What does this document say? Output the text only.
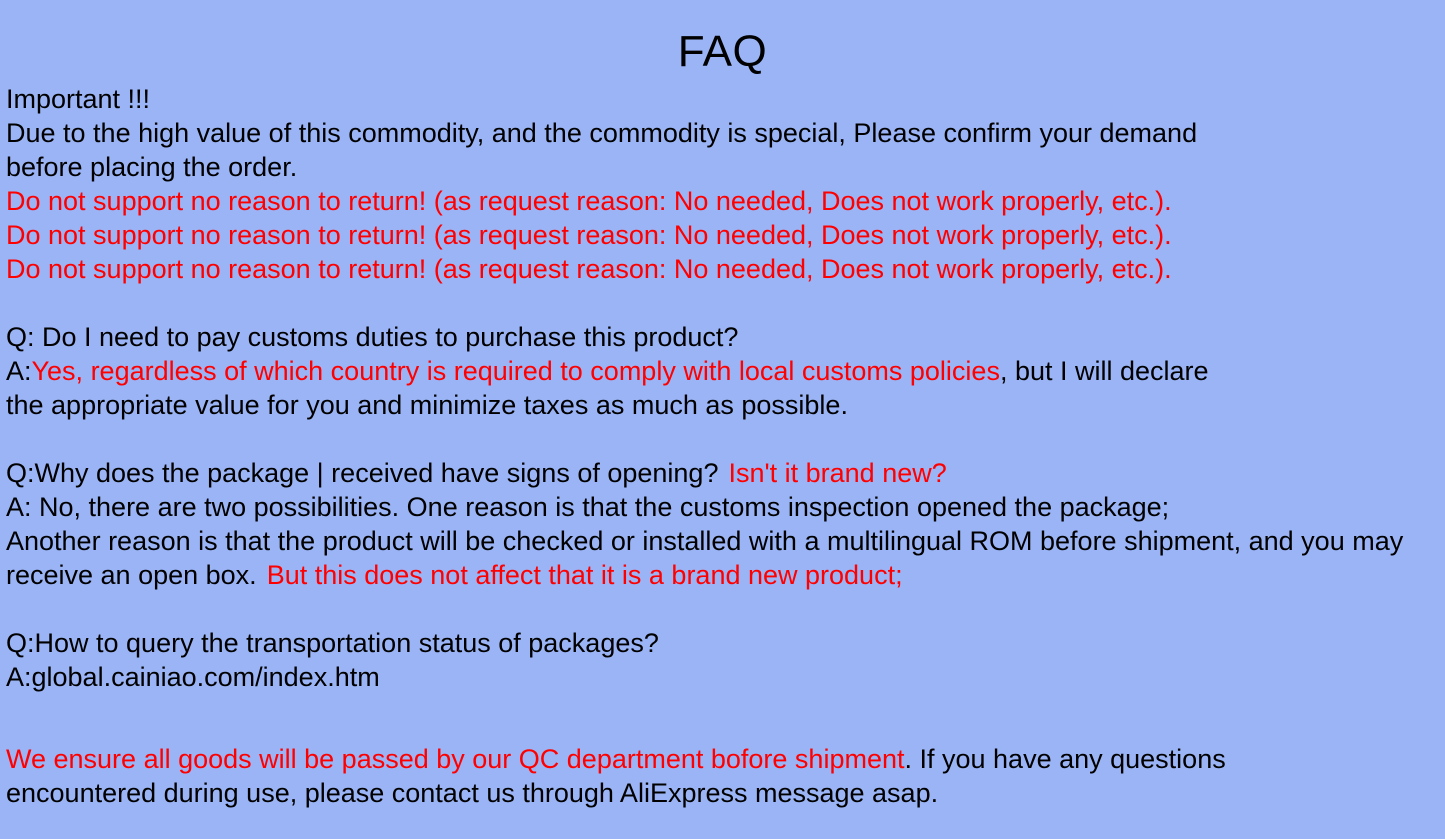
FAQ
Important !!!
Due to the high value of this commodity, and the commodity is special, Please confirm your demand
before placing the order.
Do not support no reason to return! (as request reason: No needed, Does not work properly, etc.).
Do not support no reason to return! (as request reason: No needed, Does not work properly, etc.).
Do not support no reason to return! (as request reason: No needed, Does not work properly, etc.).
Q: Do I need to pay customs duties to purchase this product?
A:Yes, regardless of which country is required to comply with local customs policies, but I will declare
the appropriate value for you and minimize taxes as much as possible.
Q:Why does the package | received have signs of opening? Isn't it brand new?
A: No, there are two possibilities. One reason is that the customs inspection opened the package;
Another reason is that the product will be checked or installed with a multilingual ROM before shipment, and you may
receive an open box. But this does not affect that it is a brand new product;
Q:How to query the transportation status of packages?
A:global.cainiao.com/index.htm
We ensure all goods will be passed by our QC department bofore shipment. If you have any questions
encountered during use, please contact us through AliExpress message asap.
